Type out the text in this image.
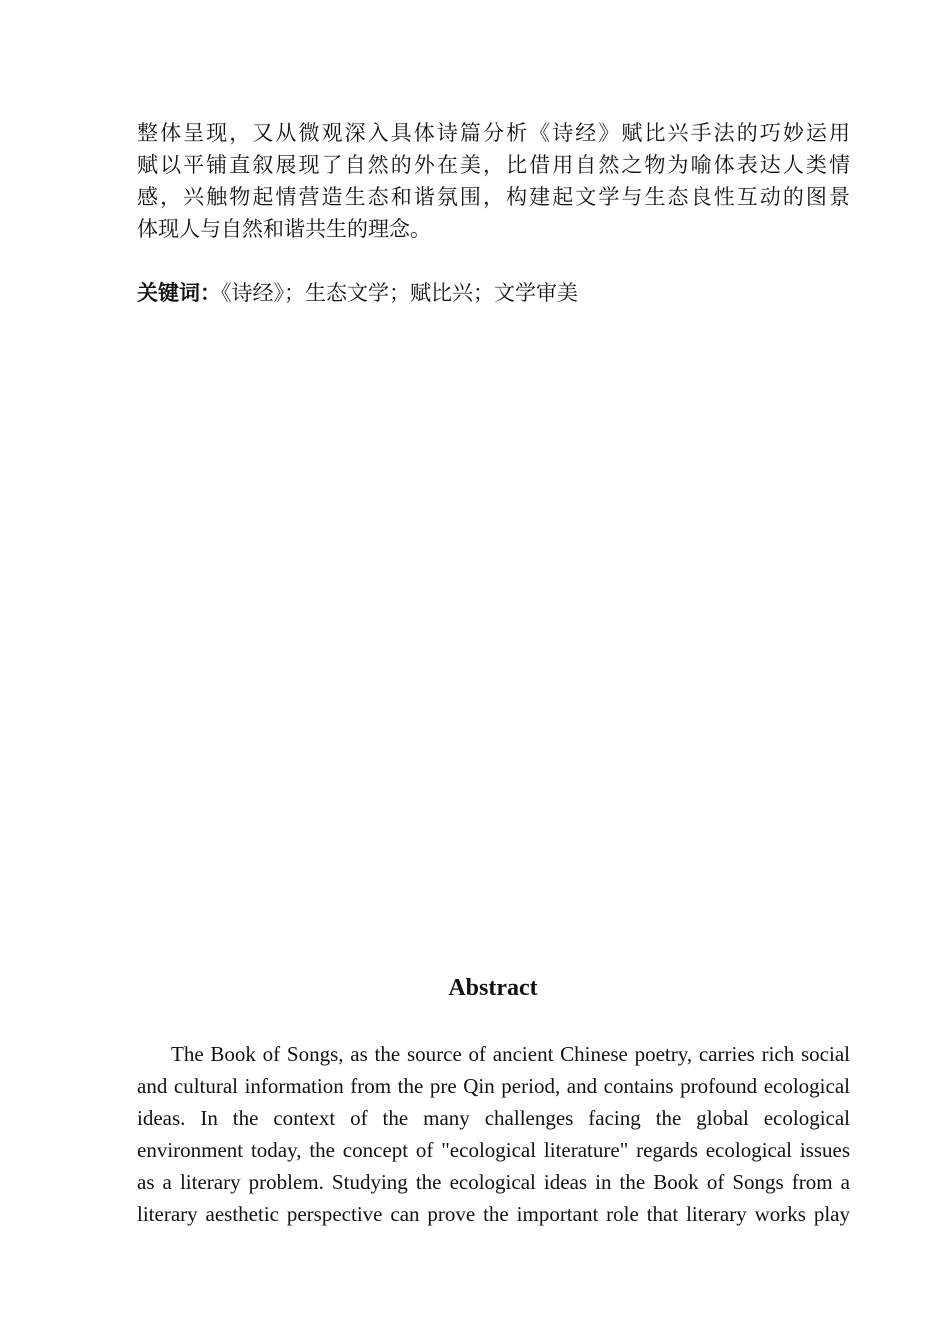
整体呈现，又从微观深入具体诗篇分析《诗经》赋比兴手法的巧妙运用
赋以平铺直叙展现了自然的外在美，比借用自然之物为喻体表达人类情
感，兴触物起情营造生态和谐氛围，构建起文学与生态良性互动的图景
体现人与自然和谐共生的理念。
关键词：《诗经》；生态文学；赋比兴；文学审美
Abstract
The Book of Songs, as the source of ancient Chinese poetry, carries rich social
and cultural information from the pre Qin period, and contains profound ecological
ideas. In the context of the many challenges facing the global ecological
environment today, the concept of "ecological literature" regards ecological issues
as a literary problem. Studying the ecological ideas in the Book of Songs from a
literary aesthetic perspective can prove the important role that literary works play
